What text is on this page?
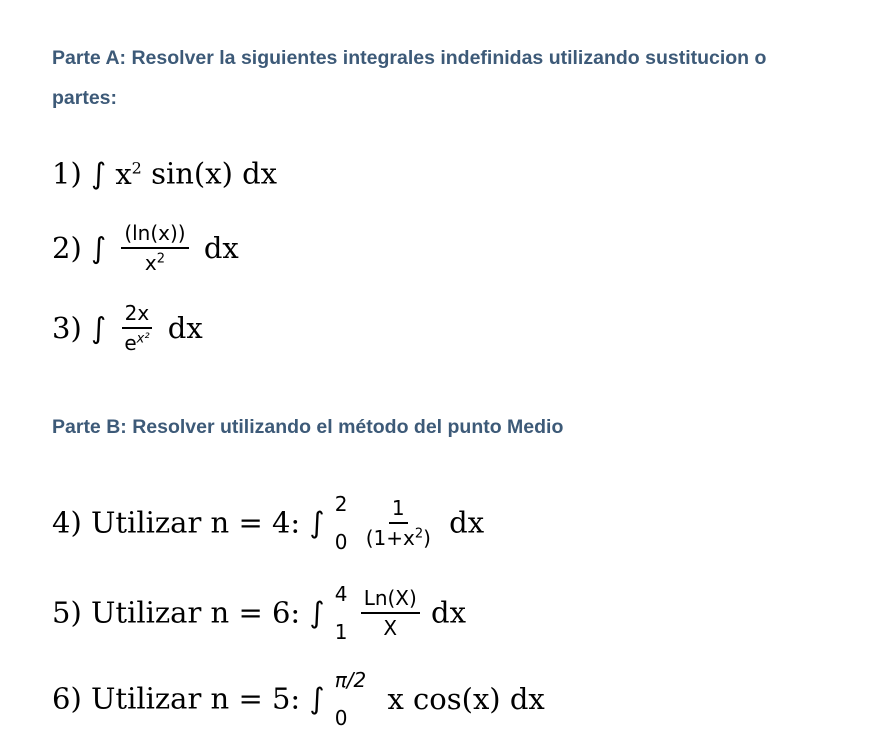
Parte A: Resolver la siguientes integrales indefinidas utilizando sustitucion o partes:
1) ∫ $x^2$ sin(x) dx
2) ∫ $\frac{(\ln(x))}{x^2}$ dx
3) ∫ $\frac{2x}{e^{x^2}}$ dx
Parte B: Resolver utilizando el método del punto Medio
4) Utilizar n = 4: ∫
2
0
$\frac{1}{(1+x^2)}$ dx
5) Utilizar n = 6: ∫
4
1
$\frac{Ln(X)}{X}$ dx
6) Utilizar n = 5: ∫
π/2
0
x cos(x) dx
